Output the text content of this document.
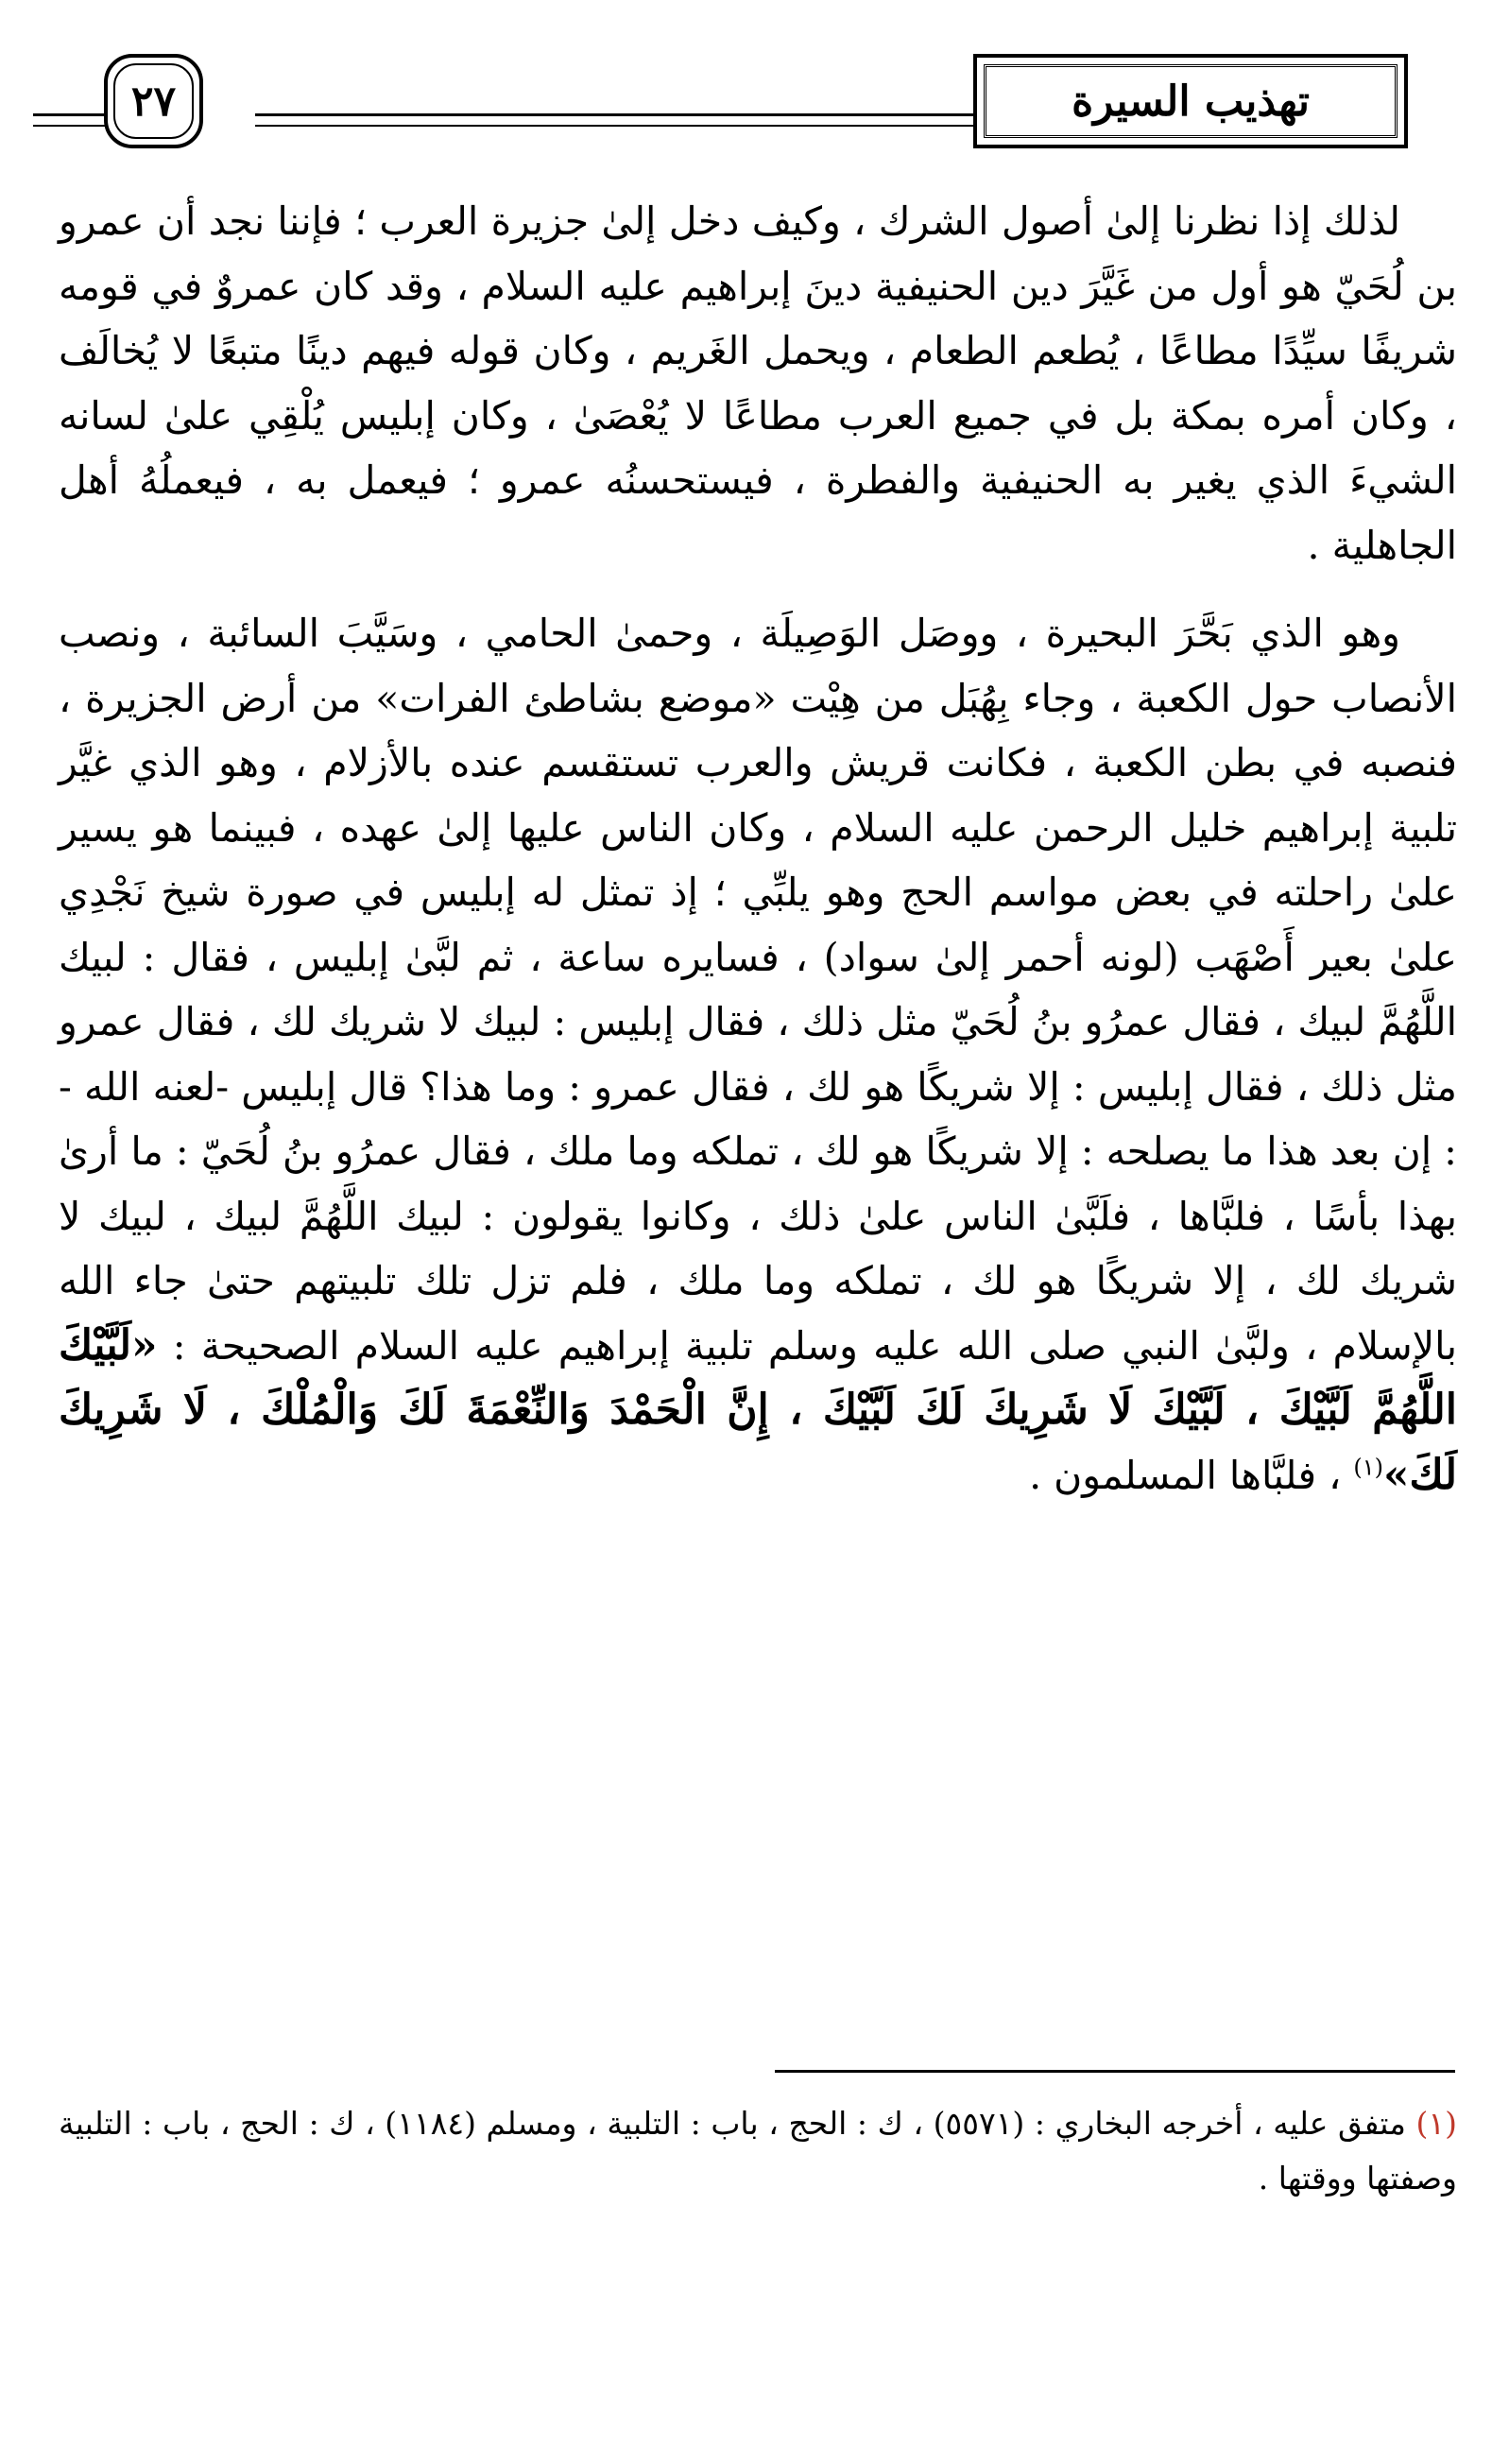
٢٧	تهذيب السيرة

لذلك إذا نظرنا إلىٰ أصول الشرك ، وكيف دخل إلىٰ جزيرة العرب ؛ فإننا نجد أن عمرو بن لُحَيّ هو أول من غَيَّرَ دين الحنيفية دينَ إبراهيم عليه السلام ، وقد كان عمروٌ في قومه شريفًا سيِّدًا مطاعًا ، يُطعم الطعام ، ويحمل الغَريم ، وكان قوله فيهم دينًا متبعًا لا يُخالَف ، وكان أمره بمكة بل في جميع العرب مطاعًا لا يُعْصَىٰ ، وكان إبليس يُلْقِي علىٰ لسانه الشيءَ الذي يغير به الحنيفية والفطرة ، فيستحسنُه عمرو ؛ فيعمل به ، فيعملُهُ أهل الجاهلية .

وهو الذي بَحَّرَ البحيرة ، ووصَل الوَصِيلَة ، وحمىٰ الحامي ، وسَيَّبَ السائبة ، ونصب الأنصاب حول الكعبة ، وجاء بِهُبَل من هِيْت «موضع بشاطئ الفرات» من أرض الجزيرة ، فنصبه في بطن الكعبة ، فكانت قريش والعرب تستقسم عنده بالأزلام ، وهو الذي غيَّر تلبية إبراهيم خليل الرحمن عليه السلام ، وكان الناس عليها إلىٰ عهده ، فبينما هو يسير علىٰ راحلته في بعض مواسم الحج وهو يلبِّي ؛ إذ تمثل له إبليس في صورة شيخ نَجْدِي علىٰ بعير أَصْهَب (لونه أحمر إلىٰ سواد) ، فسايره ساعة ، ثم لبَّىٰ إبليس ، فقال : لبيك اللَّهُمَّ لبيك ، فقال عمرُو بنُ لُحَيّ مثل ذلك ، فقال إبليس : لبيك لا شريك لك ، فقال عمرو مثل ذلك ، فقال إبليس : إلا شريكًا هو لك ، فقال عمرو : وما هذا؟ قال إبليس -لعنه الله - : إن بعد هذا ما يصلحه : إلا شريكًا هو لك ، تملكه وما ملك ، فقال عمرُو بنُ لُحَيّ : ما أرىٰ بهذا بأسًا ، فلبَّاها ، فلَبَّىٰ الناس علىٰ ذلك ، وكانوا يقولون : لبيك اللَّهُمَّ لبيك ، لبيك لا شريك لك ، إلا شريكًا هو لك ، تملكه وما ملك ، فلم تزل تلك تلبيتهم حتىٰ جاء الله بالإسلام ، ولبَّىٰ النبي صلى الله عليه وسلم تلبية إبراهيم عليه السلام الصحيحة : «لَبَّيْكَ اللَّهُمَّ لَبَّيْكَ ، لَبَّيْكَ لَا شَرِيكَ لَكَ لَبَّيْكَ ، إِنَّ الْحَمْدَ وَالنِّعْمَةَ لَكَ وَالْمُلْكَ ، لَا شَرِيكَ لَكَ»$^{(١)}$ ، فلبَّاها المسلمون .

(١) متفق عليه ، أخرجه البخاري : (٥٥٧١) ، ك : الحج ، باب : التلبية ، ومسلم (١١٨٤) ، ك : الحج ، باب : التلبية وصفتها ووقتها .
